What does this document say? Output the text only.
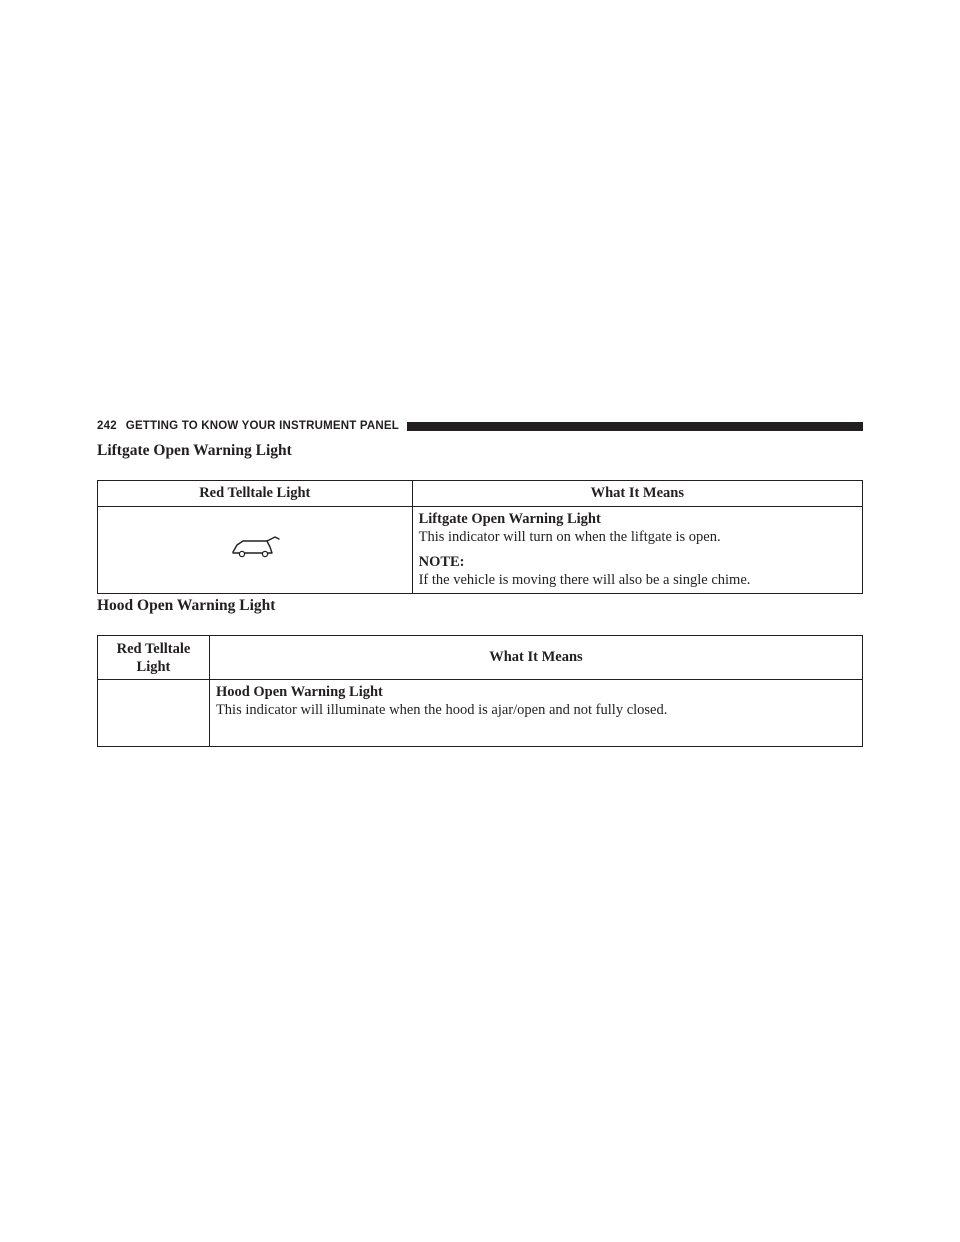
242 GETTING TO KNOW YOUR INSTRUMENT PANEL
Liftgate Open Warning Light
Red Telltale Light	What It Means

Liftgate Open Warning Light
This indicator will turn on when the liftgate is open.
NOTE:
If the vehicle is moving there will also be a single chime.
Hood Open Warning Light
Red Telltale Light	What It Means

	Hood Open Warning Light
This indicator will illuminate when the hood is ajar/open and not fully closed.
